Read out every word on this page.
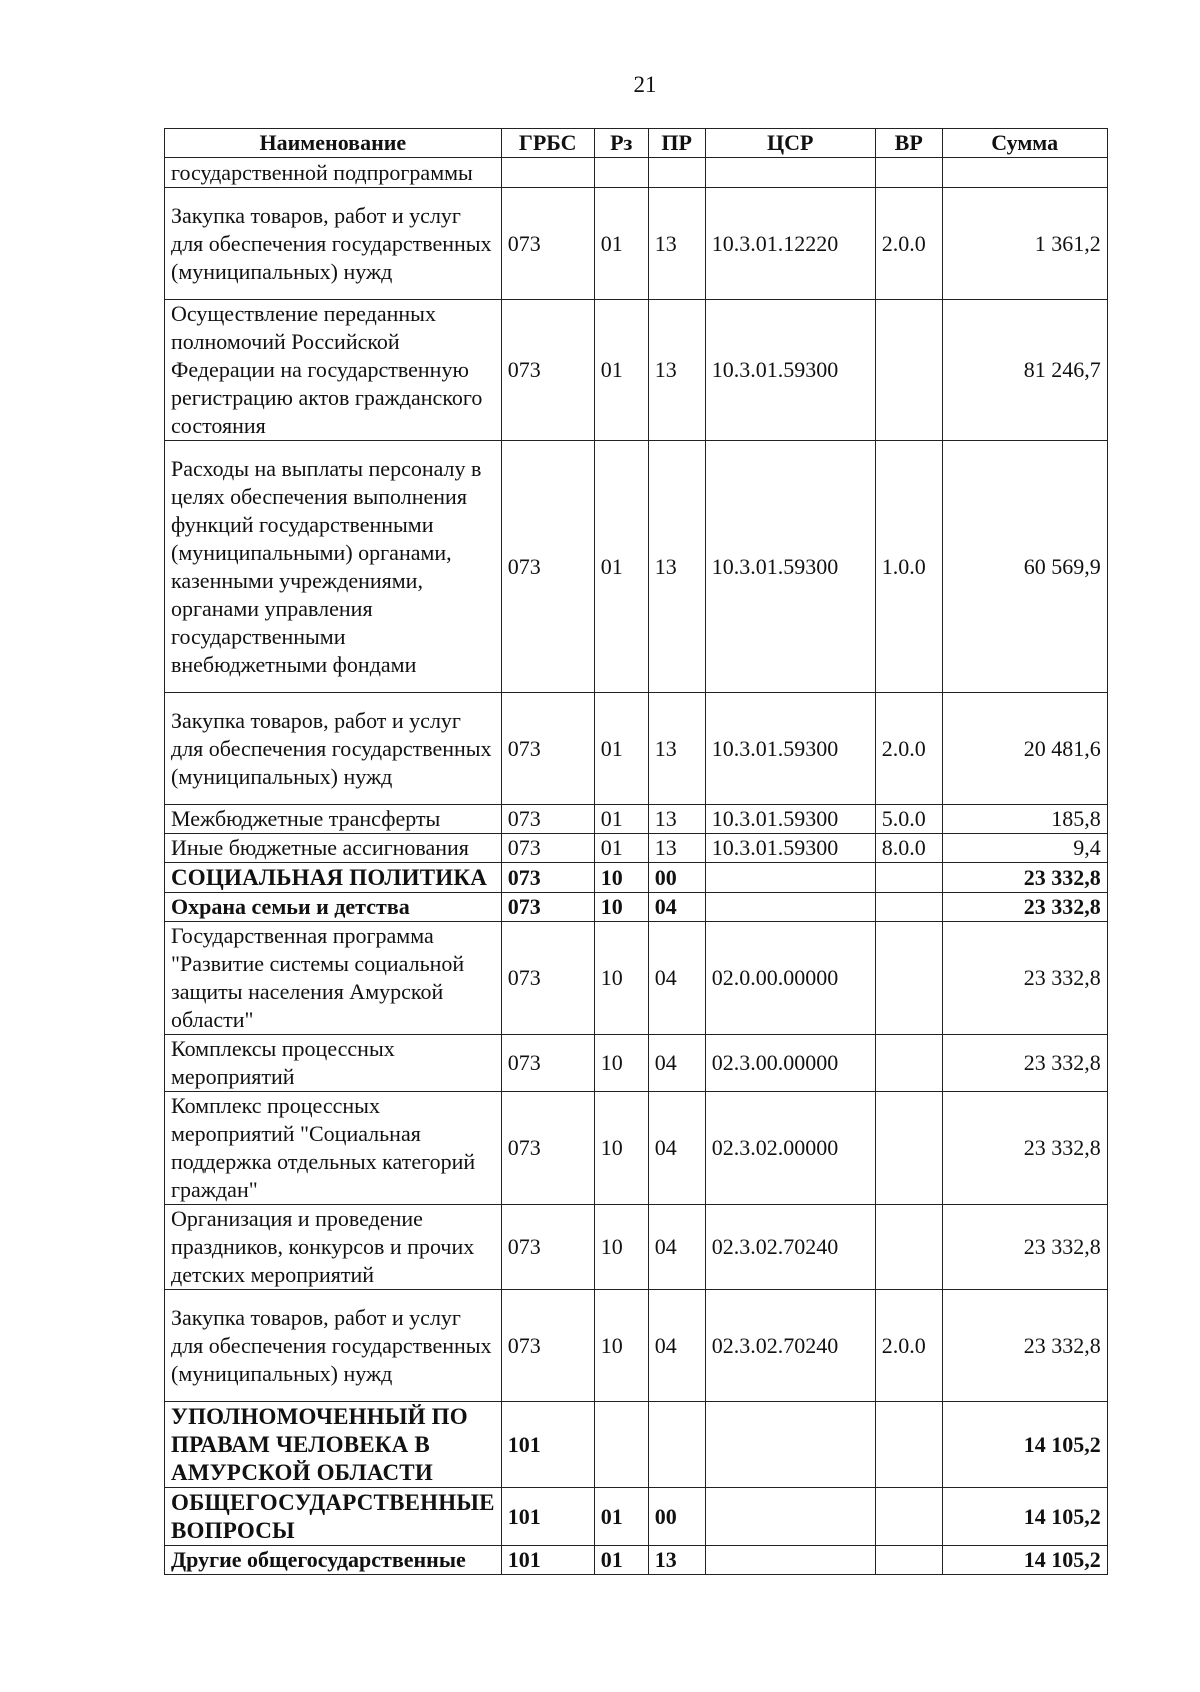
21
Наименование	ГРБС	Рз	ПР	ЦСР	ВР	Сумма
государственной подпрограммы						
Закупка товаров, работ и услуг для обеспечения государственных (муниципальных) нужд	073	01	13	10.3.01.12220	2.0.0	1 361,2
Осуществление переданных полномочий Российской Федерации на государственную регистрацию актов гражданского состояния	073	01	13	10.3.01.59300		81 246,7
Расходы на выплаты персоналу в целях обеспечения выполнения функций государственными (муниципальными) органами, казенными учреждениями, органами управления государственными внебюджетными фондами	073	01	13	10.3.01.59300	1.0.0	60 569,9
Закупка товаров, работ и услуг для обеспечения государственных (муниципальных) нужд	073	01	13	10.3.01.59300	2.0.0	20 481,6
Межбюджетные трансферты	073	01	13	10.3.01.59300	5.0.0	185,8
Иные бюджетные ассигнования	073	01	13	10.3.01.59300	8.0.0	9,4
СОЦИАЛЬНАЯ ПОЛИТИКА	073	10	00			23 332,8
Охрана семьи и детства	073	10	04			23 332,8
Государственная программа "Развитие системы социальной защиты населения Амурской области"	073	10	04	02.0.00.00000		23 332,8
Комплексы процессных мероприятий	073	10	04	02.3.00.00000		23 332,8
Комплекс процессных мероприятий "Социальная поддержка отдельных категорий граждан"	073	10	04	02.3.02.00000		23 332,8
Организация и проведение праздников, конкурсов и прочих детских мероприятий	073	10	04	02.3.02.70240		23 332,8
Закупка товаров, работ и услуг для обеспечения государственных (муниципальных) нужд	073	10	04	02.3.02.70240	2.0.0	23 332,8
УПОЛНОМОЧЕННЫЙ ПО ПРАВАМ ЧЕЛОВЕКА В АМУРСКОЙ ОБЛАСТИ	101					14 105,2
ОБЩЕГОСУДАРСТВЕННЫЕ ВОПРОСЫ	101	01	00			14 105,2
Другие общегосударственные	101	01	13			14 105,2
